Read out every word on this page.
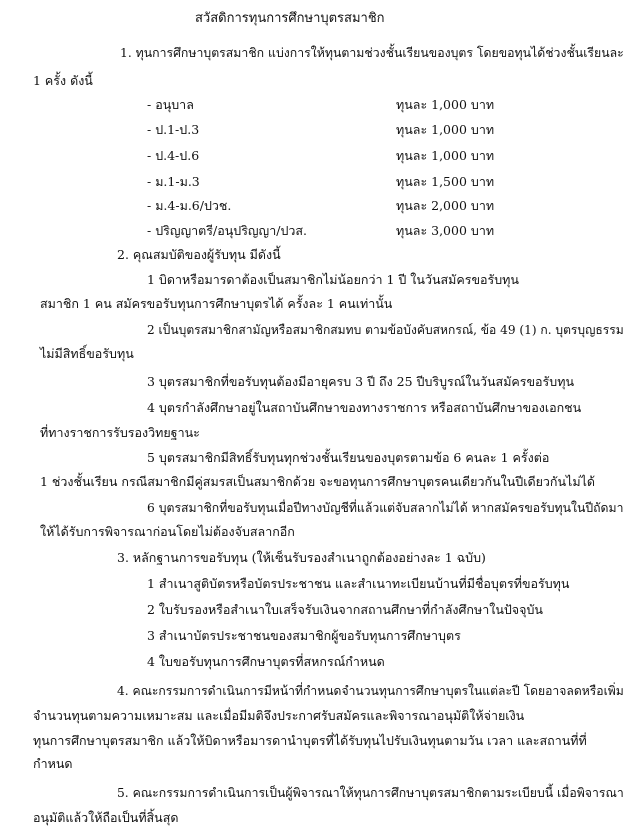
สวัสดิการทุนการศึกษาบุตรสมาชิก
1. ทุนการศึกษาบุตรสมาชิก แบ่งการให้ทุนตามช่วงชั้นเรียนของบุตร โดยขอทุนได้ช่วงชั้นเรียนละ
1 ครั้ง ดังนี้
- อนุบาล	ทุนละ 1,000 บาท
- ป.1-ป.3	ทุนละ 1,000 บาท
- ป.4-ป.6	ทุนละ 1,000 บาท
- ม.1-ม.3	ทุนละ 1,500 บาท
- ม.4-ม.6/ปวช.	ทุนละ 2,000 บาท
- ปริญญาตรี/อนุปริญญา/ปวส.	ทุนละ 3,000 บาท
2. คุณสมบัติของผู้รับทุน มีดังนี้
1 บิดาหรือมารดาต้องเป็นสมาชิกไม่น้อยกว่า 1 ปี ในวันสมัครขอรับทุน
สมาชิก 1 คน สมัครขอรับทุนการศึกษาบุตรได้ ครั้งละ 1 คนเท่านั้น
2 เป็นบุตรสมาชิกสามัญหรือสมาชิกสมทบ ตามข้อบังคับสหกรณ์, ข้อ 49 (1) ก. บุตรบุญธรรม
ไม่มีสิทธิ์ขอรับทุน
3 บุตรสมาชิกที่ขอรับทุนต้องมีอายุครบ 3 ปี ถึง 25 ปีบริบูรณ์ในวันสมัครขอรับทุน
4 บุตรกำลังศึกษาอยู่ในสถาบันศึกษาของทางราชการ หรือสถาบันศึกษาของเอกชน
ที่ทางราชการรับรองวิทยฐานะ
5 บุตรสมาชิกมีสิทธิ์รับทุนทุกช่วงชั้นเรียนของบุตรตามข้อ 6 คนละ 1 ครั้งต่อ
1 ช่วงชั้นเรียน กรณีสมาชิกมีคู่สมรสเป็นสมาชิกด้วย จะขอทุนการศึกษาบุตรคนเดียวกันในปีเดียวกันไม่ได้
6 บุตรสมาชิกที่ขอรับทุนเมื่อปีทางบัญชีที่แล้วแต่จับสลากไม่ได้ หากสมัครขอรับทุนในปีถัดมา
ให้ได้รับการพิจารณาก่อนโดยไม่ต้องจับสลากอีก
3. หลักฐานการขอรับทุน (ให้เซ็นรับรองสำเนาถูกต้องอย่างละ 1 ฉบับ)
1 สำเนาสูติบัตรหรือบัตรประชาชน และสำเนาทะเบียนบ้านที่มีชื่อบุตรที่ขอรับทุน
2 ใบรับรองหรือสำเนาใบเสร็จรับเงินจากสถานศึกษาที่กำลังศึกษาในปัจจุบัน
3 สำเนาบัตรประชาชนของสมาชิกผู้ขอรับทุนการศึกษาบุตร
4 ใบขอรับทุนการศึกษาบุตรที่สหกรณ์กำหนด
4. คณะกรรมการดำเนินการมีหน้าที่กำหนดจำนวนทุนการศึกษาบุตรในแต่ละปี โดยอาจลดหรือเพิ่ม
จำนวนทุนตามความเหมาะสม และเมื่อมีมติจึงประกาศรับสมัครและพิจารณาอนุมัติให้จ่ายเงิน
ทุนการศึกษาบุตรสมาชิก แล้วให้บิดาหรือมารดานำบุตรที่ได้รับทุนไปรับเงินทุนตามวัน เวลา และสถานที่ที่
กำหนด
5. คณะกรรมการดำเนินการเป็นผู้พิจารณาให้ทุนการศึกษาบุตรสมาชิกตามระเบียบนี้ เมื่อพิจารณา
อนุมัติแล้วให้ถือเป็นที่สิ้นสุด
